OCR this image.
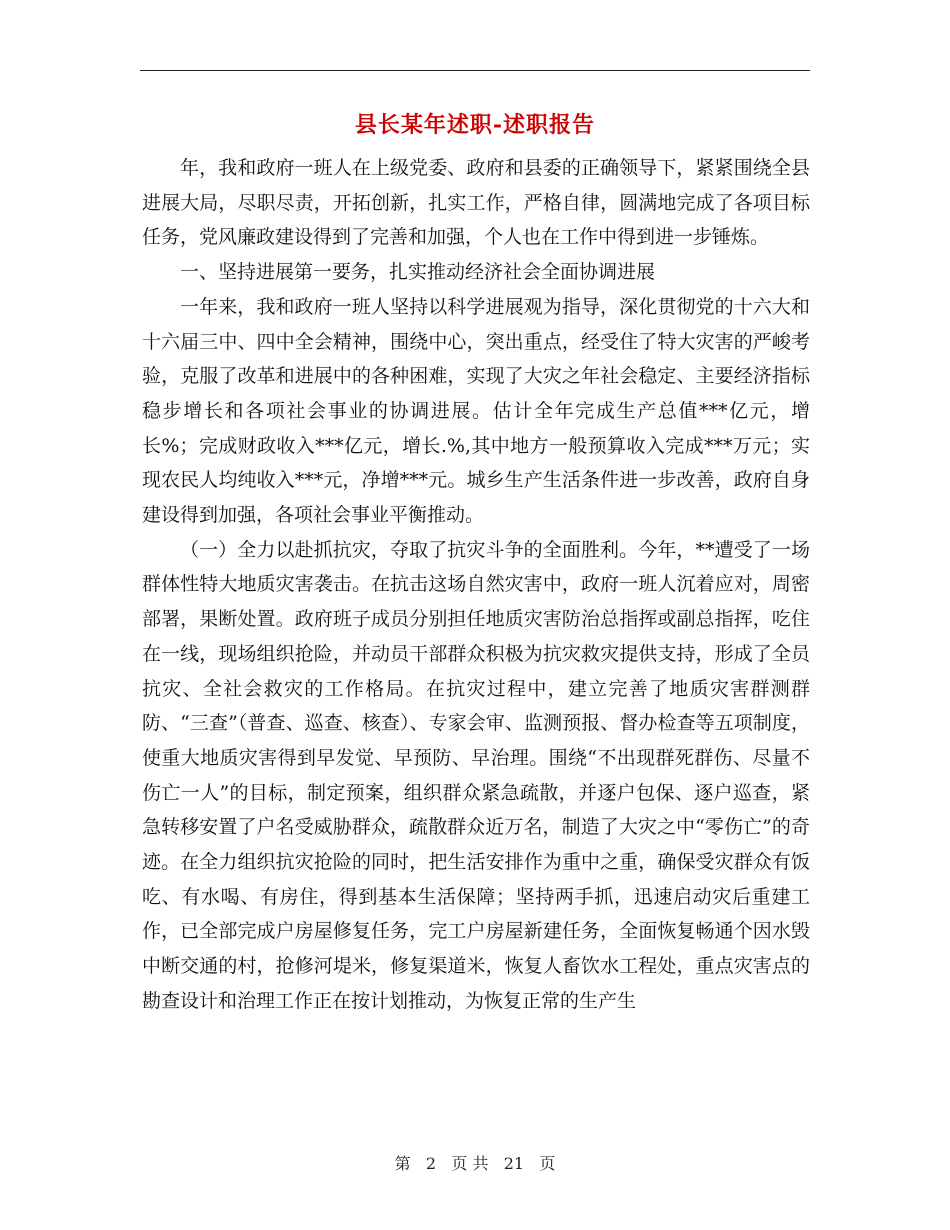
县长某年述职-述职报告

年，我和政府一班人在上级党委、政府和县委的正确领导下，紧紧围绕全县进展大局，尽职尽责，开拓创新，扎实工作，严格自律，圆满地完成了各项目标任务，党风廉政建设得到了完善和加强，个人也在工作中得到进一步锤炼。

一、坚持进展第一要务，扎实推动经济社会全面协调进展

一年来，我和政府一班人坚持以科学进展观为指导，深化贯彻党的十六大和十六届三中、四中全会精神，围绕中心，突出重点，经受住了特大灾害的严峻考验，克服了改革和进展中的各种困难，实现了大灾之年社会稳定、主要经济指标稳步增长和各项社会事业的协调进展。估计全年完成生产总值***亿元，增长%；完成财政收入***亿元，增长.%,其中地方一般预算收入完成***万元；实现农民人均纯收入***元，净增***元。城乡生产生活条件进一步改善，政府自身建设得到加强，各项社会事业平衡推动。

（一）全力以赴抓抗灾，夺取了抗灾斗争的全面胜利。今年，**遭受了一场群体性特大地质灾害袭击。在抗击这场自然灾害中，政府一班人沉着应对，周密部署，果断处置。政府班子成员分别担任地质灾害防治总指挥或副总指挥，吃住在一线，现场组织抢险，并动员干部群众积极为抗灾救灾提供支持，形成了全员抗灾、全社会救灾的工作格局。在抗灾过程中，建立完善了地质灾害群测群防、“三查”（普查、巡查、核查）、专家会审、监测预报、督办检查等五项制度，使重大地质灾害得到早发觉、早预防、早治理。围绕“不出现群死群伤、尽量不伤亡一人”的目标，制定预案，组织群众紧急疏散，并逐户包保、逐户巡查，紧急转移安置了户名受威胁群众，疏散群众近万名，制造了大灾之中“零伤亡”的奇迹。在全力组织抗灾抢险的同时，把生活安排作为重中之重，确保受灾群众有饭吃、有水喝、有房住，得到基本生活保障；坚持两手抓，迅速启动灾后重建工作，已全部完成户房屋修复任务，完工户房屋新建任务，全面恢复畅通个因水毁中断交通的村，抢修河堤米，修复渠道米，恢复人畜饮水工程处，重点灾害点的勘查设计和治理工作正在按计划推动，为恢复正常的生产生

第 2 页 共 21 页
